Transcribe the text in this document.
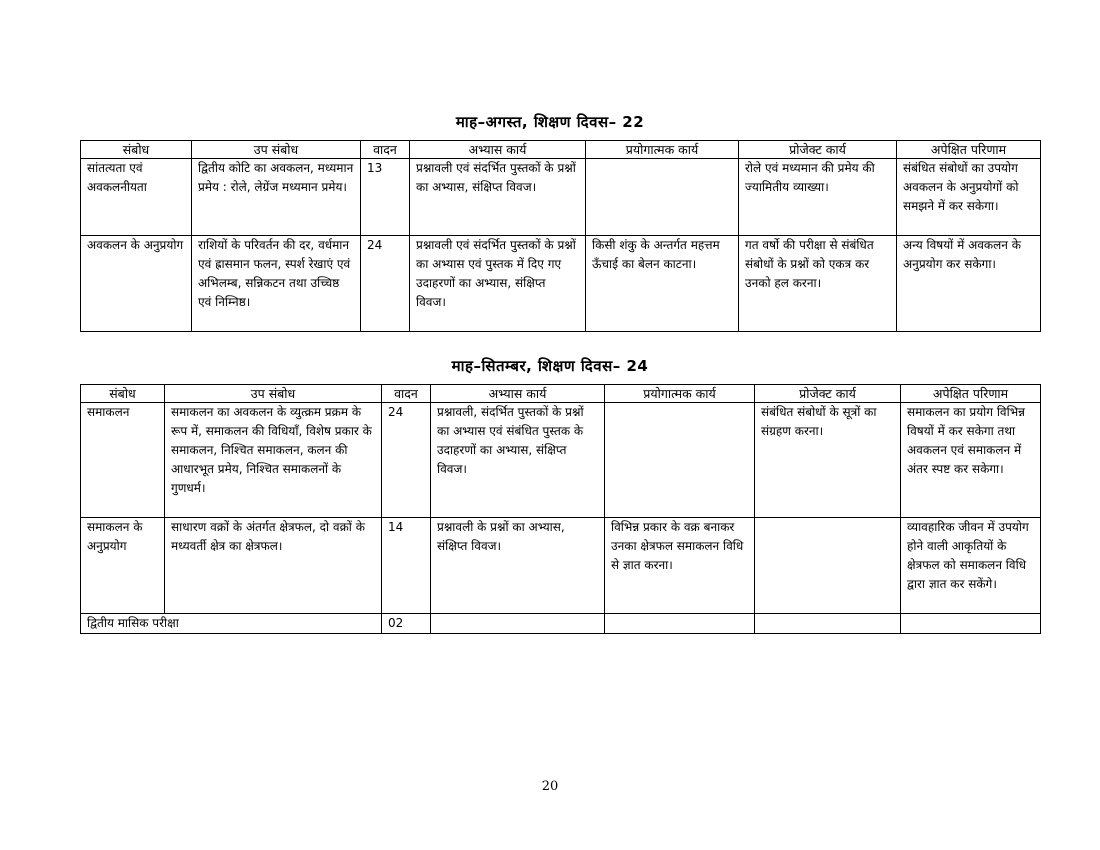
माह–अगस्त, शिक्षण दिवस– 22
संबोध	उप संबोध	वादन	अभ्यास कार्य	प्रयोगात्मक कार्य	प्रोजेक्ट कार्य	अपेक्षित परिणाम
सांतत्यता एवं अवकलनीयता	द्वितीय कोटि का अवकलन, मध्यमान प्रमेय : रोले, लेग्रेंज मध्यमान प्रमेय।	13	प्रश्नावली एवं संदर्भित पुस्तकों के प्रश्नों का अभ्यास, संक्षिप्त विवज।		रोले एवं मध्यमान की प्रमेय की ज्यामितीय व्याख्या।	संबंधित संबोधों का उपयोग अवकलन के अनुप्रयोगों को समझने में कर सकेगा।
अवकलन के अनुप्रयोग	राशियों के परिवर्तन की दर, वर्धमान एवं ह्रासमान फलन, स्पर्श रेखाएं एवं अभिलम्ब, सन्निकटन तथा उच्चिष्ठ एवं निम्निष्ठ।	24	प्रश्नावली एवं संदर्भित पुस्तकों के प्रश्नों का अभ्यास एवं पुस्तक में दिए गए उदाहरणों का अभ्यास, संक्षिप्त विवज।	किसी शंकु के अन्तर्गत महत्तम ऊँचाई का बेलन काटना।	गत वर्षो की परीक्षा से संबंधित संबोधों के प्रश्नों को एकत्र कर उनको हल करना।	अन्य विषयों में अवकलन के अनुप्रयोग कर सकेगा।
माह–सितम्बर, शिक्षण दिवस– 24
संबोध	उप संबोध	वादन	अभ्यास कार्य	प्रयोगात्मक कार्य	प्रोजेक्ट कार्य	अपेक्षित परिणाम
समाकलन	समाकलन का अवकलन के व्युत्क्रम प्रक्रम के रूप में, समाकलन की विधियाँ, विशेष प्रकार के समाकलन, निश्चित समाकलन, कलन की आधारभूत प्रमेय, निश्चित समाकलनों के गुणधर्म।	24	प्रश्नावली, संदर्भित पुस्तकों के प्रश्नों का अभ्यास एवं संबंधित पुस्तक के उदाहरणों का अभ्यास, संक्षिप्त विवज।		संबंधित संबोधों के सूत्रों का संग्रहण करना।	समाकलन का प्रयोग विभिन्न विषयों में कर सकेगा तथा अवकलन एवं समाकलन में अंतर स्पष्ट कर सकेगा।
समाकलन के अनुप्रयोग	साधारण वक्रों के अंतर्गत क्षेत्रफल, दो वक्रों के मध्यवर्ती क्षेत्र का क्षेत्रफल।	14	प्रश्नावली के प्रश्नों का अभ्यास, संक्षिप्त विवज।	विभिन्न प्रकार के वक्र बनाकर उनका क्षेत्रफल समाकलन विधि से ज्ञात करना।		व्यावहारिक जीवन में उपयोग होने वाली आकृतियों के क्षेत्रफल को समाकलन विधि द्वारा ज्ञात कर सकेंगे।
द्वितीय मासिक परीक्षा		02				
20
